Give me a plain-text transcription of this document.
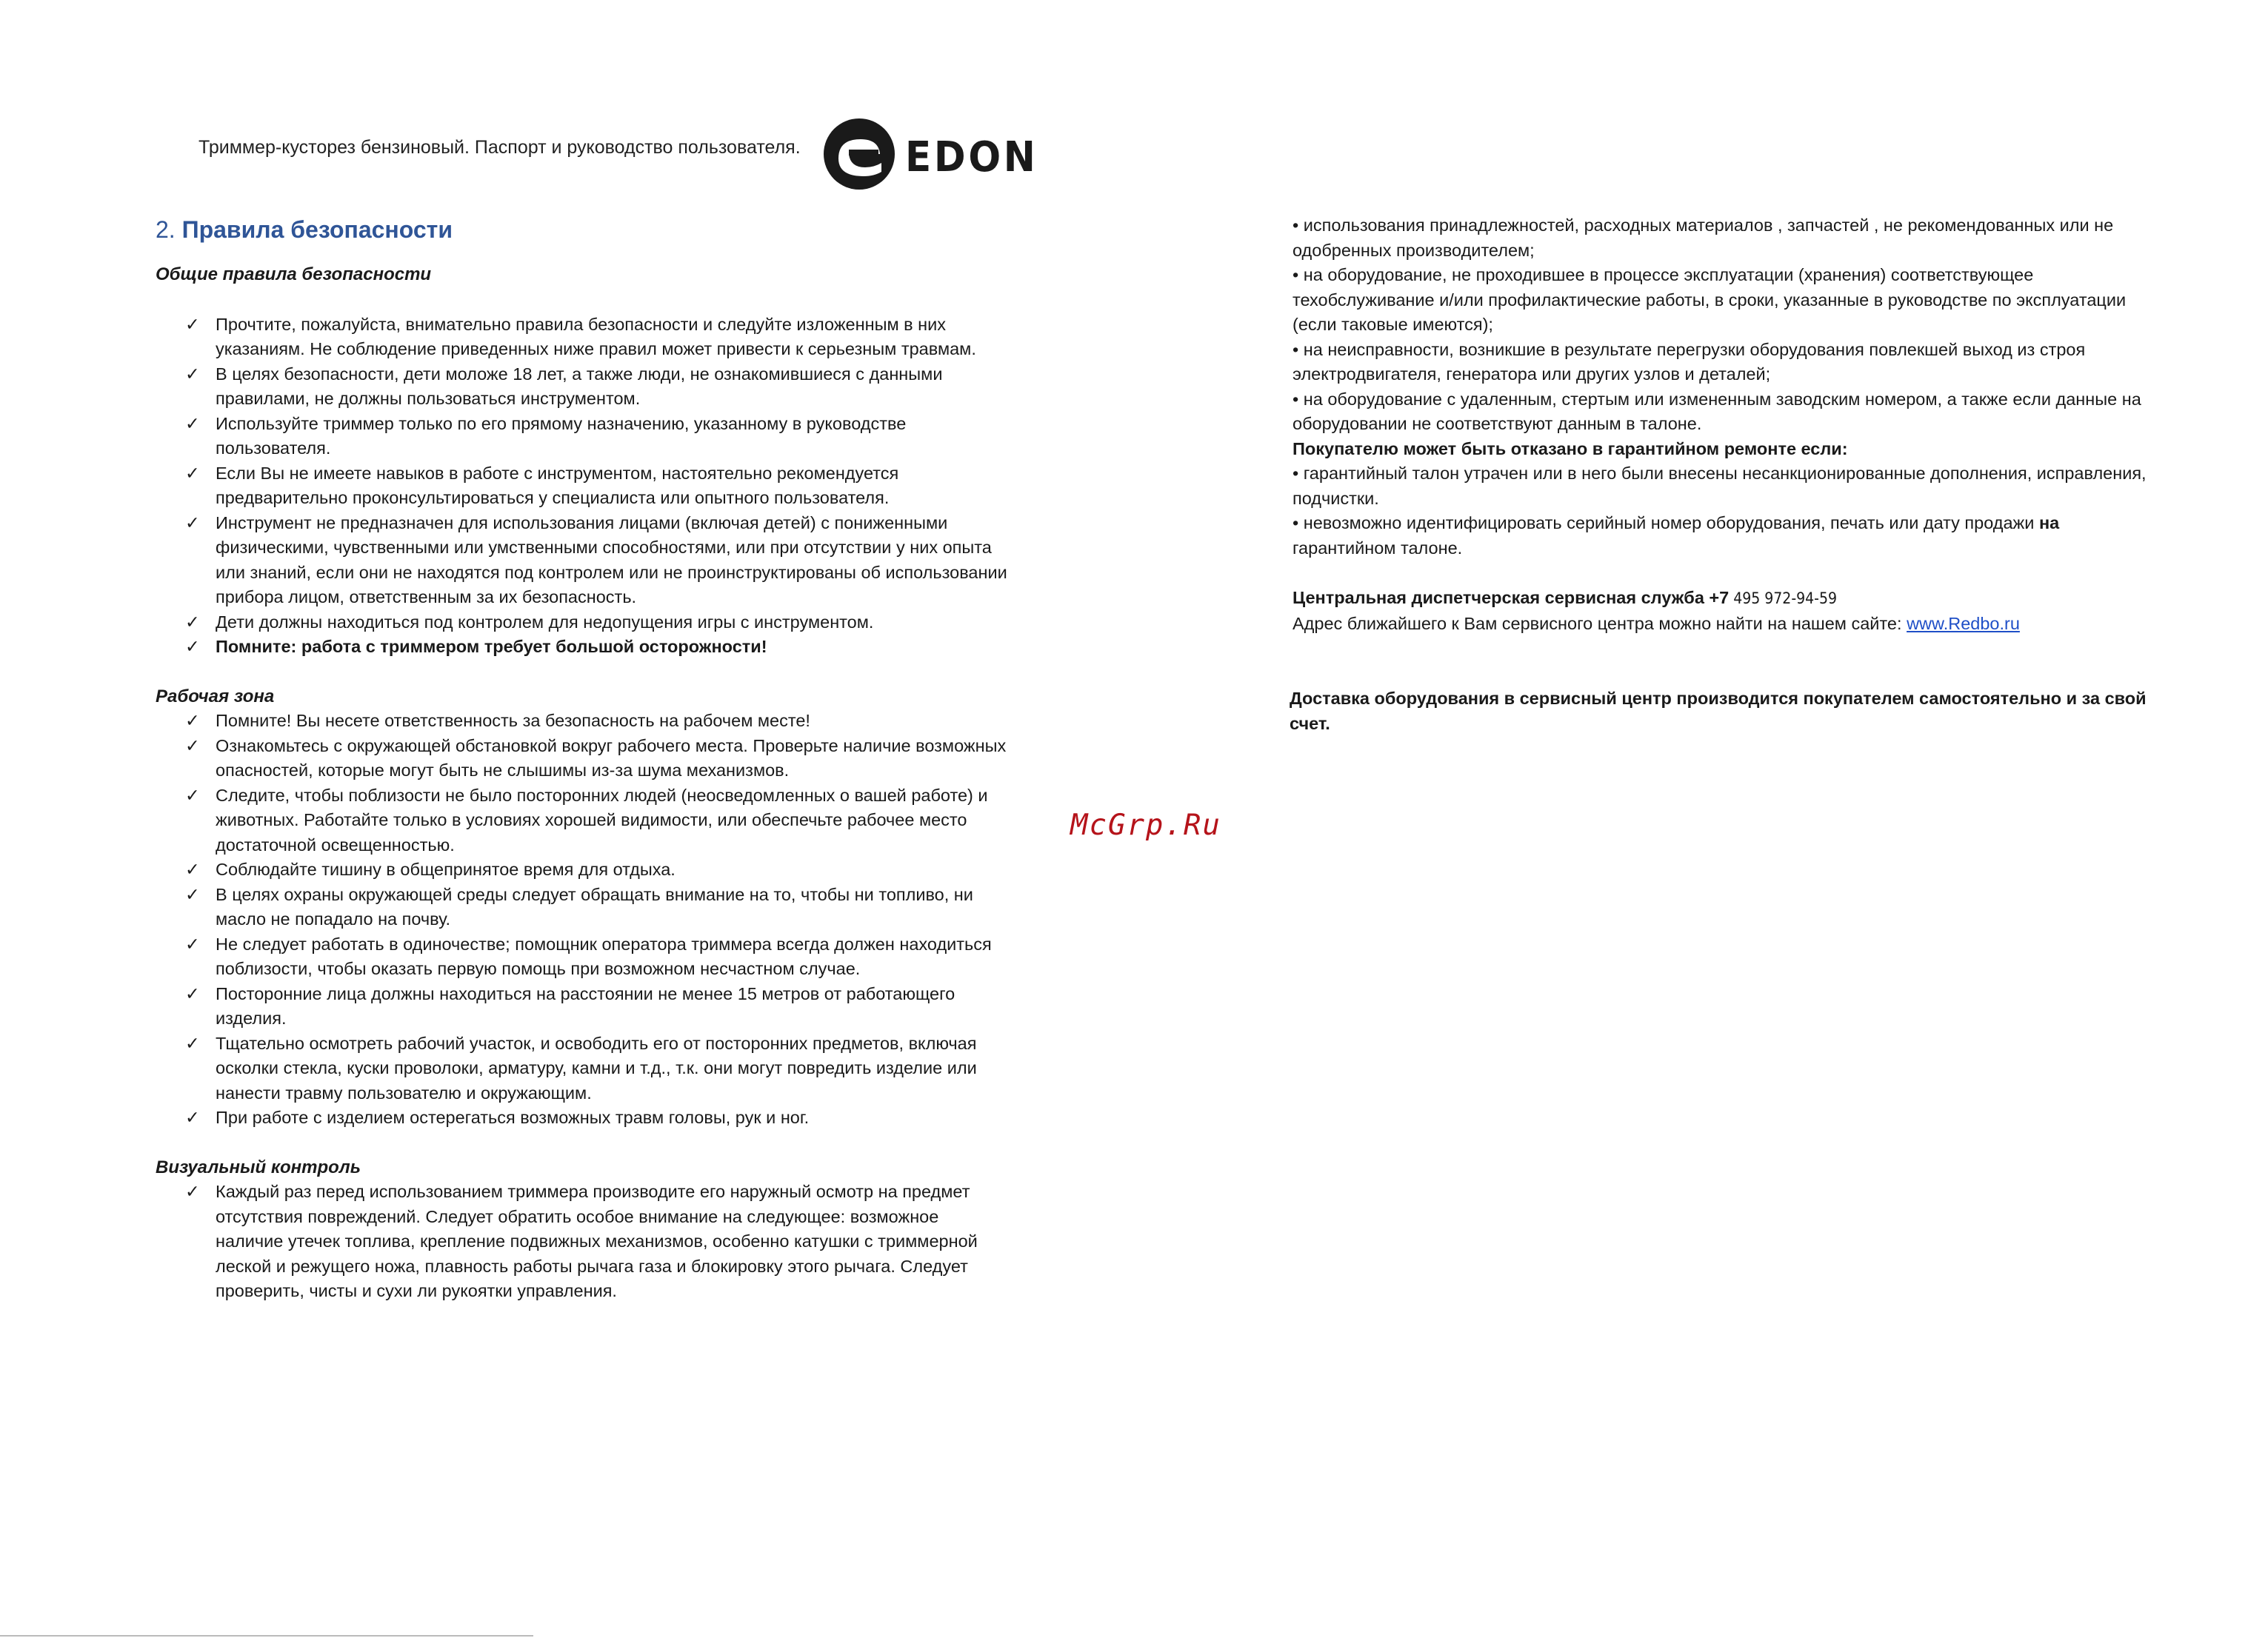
Триммер-кусторез бензиновый. Паспорт и руководство пользователя.	EDON
2. Правила безопасности

Общие правила безопасности

✓ Прочтите, пожалуйста, внимательно правила безопасности и следуйте изложенным в них указаниям. Не соблюдение приведенных ниже правил может привести к серьезным травмам.
✓ В целях безопасности, дети моложе 18 лет, а также люди, не ознакомившиеся с данными правилами, не должны пользоваться инструментом.
✓ Используйте триммер только по его прямому назначению, указанному в руководстве пользователя.
✓ Если Вы не имеете навыков в работе с инструментом, настоятельно рекомендуется предварительно проконсультироваться у специалиста или опытного пользователя.
✓ Инструмент не предназначен для использования лицами (включая детей) с пониженными физическими, чувственными или умственными способностями, или при отсутствии у них опыта или знаний, если они не находятся под контролем или не проинструктированы об использовании прибора лицом, ответственным за их безопасность.
✓ Дети должны находиться под контролем для недопущения игры с инструментом.
✓ Помните: работа с триммером требует большой осторожности!

Рабочая зона

✓ Помните! Вы несете ответственность за безопасность на рабочем месте!
✓ Ознакомьтесь с окружающей обстановкой вокруг рабочего места. Проверьте наличие возможных опасностей, которые могут быть не слышимы из-за шума механизмов.
✓ Следите, чтобы поблизости не было посторонних людей (неосведомленных о вашей работе) и животных. Работайте только в условиях хорошей видимости, или обеспечьте рабочее место достаточной освещенностью.
✓ Соблюдайте тишину в общепринятое время для отдыха.
✓ В целях охраны окружающей среды следует обращать внимание на то, чтобы ни топливо, ни масло не попадало на почву.
✓ Не следует работать в одиночестве; помощник оператора триммера всегда должен находиться поблизости, чтобы оказать первую помощь при возможном несчастном случае.
✓ Посторонние лица должны находиться на расстоянии не менее 15 метров от работающего изделия.
✓ Тщательно осмотреть рабочий участок, и освободить его от посторонних предметов, включая осколки стекла, куски проволоки, арматуру, камни и т.д., т.к. они могут повредить изделие или нанести травму пользователю и окружающим.
✓ При работе с изделием остерегаться возможных травм головы, рук и ног.

Визуальный контроль

✓ Каждый раз перед использованием триммера производите его наружный осмотр на предмет отсутствия повреждений. Следует обратить особое внимание на следующее: возможное наличие утечек топлива, крепление подвижных механизмов, особенно катушки с триммерной леской и режущего ножа, плавность работы рычага газа и блокировку этого рычага. Следует проверить, чисты и сухи ли рукоятки управления.
McGrp.Ru

• использования принадлежностей, расходных материалов , запчастей , не рекомендованных или не одобренных производителем;

• на оборудование, не проходившее в процессе эксплуатации (хранения) соответствующее техобслуживание и/или профилактические работы, в сроки, указанные в руководстве по эксплуатации (если таковые имеются);

• на неисправности, возникшие в результате перегрузки оборудования повлекшей выход из строя электродвигателя, генератора или других узлов и деталей;

• на оборудование с удаленным, стертым или измененным заводским номером, а также если данные на оборудовании не соответствуют данным в талоне.

Покупателю может быть отказано в гарантийном ремонте если:

• гарантийный талон утрачен или в него были внесены несанкционированные дополнения, исправления, подчистки.

• невозможно идентифицировать серийный номер оборудования, печать или дату продажи на
гарантийном талоне.

Центральная диспетчерская сервисная служба +7 495 972-94-59

Адрес ближайшего к Вам сервисного центра можно найти на нашем сайте: www.Redbo.ru

Доставка оборудования в сервисный центр производится покупателем самостоятельно и за свой счет.
